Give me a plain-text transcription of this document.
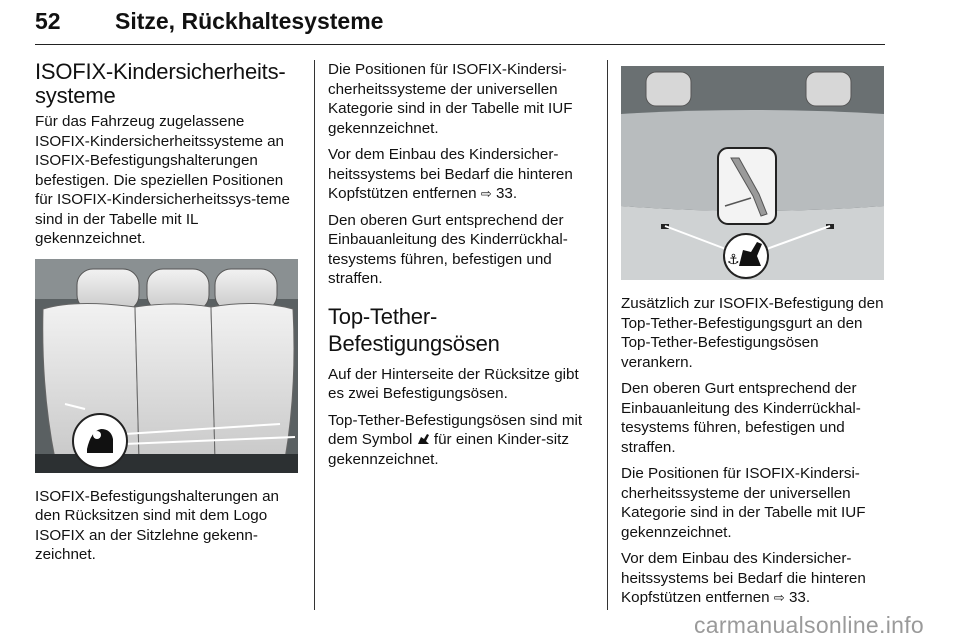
52 Sitze, Rückhaltesysteme
ISOFIX-Kindersicherheits-
systeme

Für das Fahrzeug zugelassene ISOFIX-Kindersicherheitssysteme an ISOFIX-Befestigungshalterungen befestigen. Die speziellen Positionen für ISOFIX-Kindersicherheitssys-teme sind in der Tabelle mit IL gekennzeichnet.

ISOFIX-Befestigungshalterungen an den Rücksitzen sind mit dem Logo ISOFIX an der Sitzlehne gekenn-zeichnet.

Die Positionen für ISOFIX-Kindersi-cherheitssysteme der universellen Kategorie sind in der Tabelle mit IUF gekennzeichnet.

Vor dem Einbau des Kindersicher-heitssystems bei Bedarf die hinteren Kopfstützen entfernen ⇨ 33.

Den oberen Gurt entsprechend der Einbauanleitung des Kinderrückhal-tesystems führen, befestigen und straffen.

Top-Tether-
Befestigungsösen

Auf der Hinterseite der Rücksitze gibt es zwei Befestigungsösen.

Top-Tether-Befestigungsösen sind mit dem Symbol für einen Kinder-sitz gekennzeichnet.

⚓

Zusätzlich zur ISOFIX-Befestigung den Top-Tether-Befestigungsgurt an den Top-Tether-Befestigungsösen verankern.

Den oberen Gurt entsprechend der Einbauanleitung des Kinderrückhal-tesystems führen, befestigen und straffen.

Die Positionen für ISOFIX-Kindersi-cherheitssysteme der universellen Kategorie sind in der Tabelle mit IUF gekennzeichnet.

Vor dem Einbau des Kindersicher-heitssystems bei Bedarf die hinteren Kopfstützen entfernen ⇨ 33.

carmanualsonline.info
